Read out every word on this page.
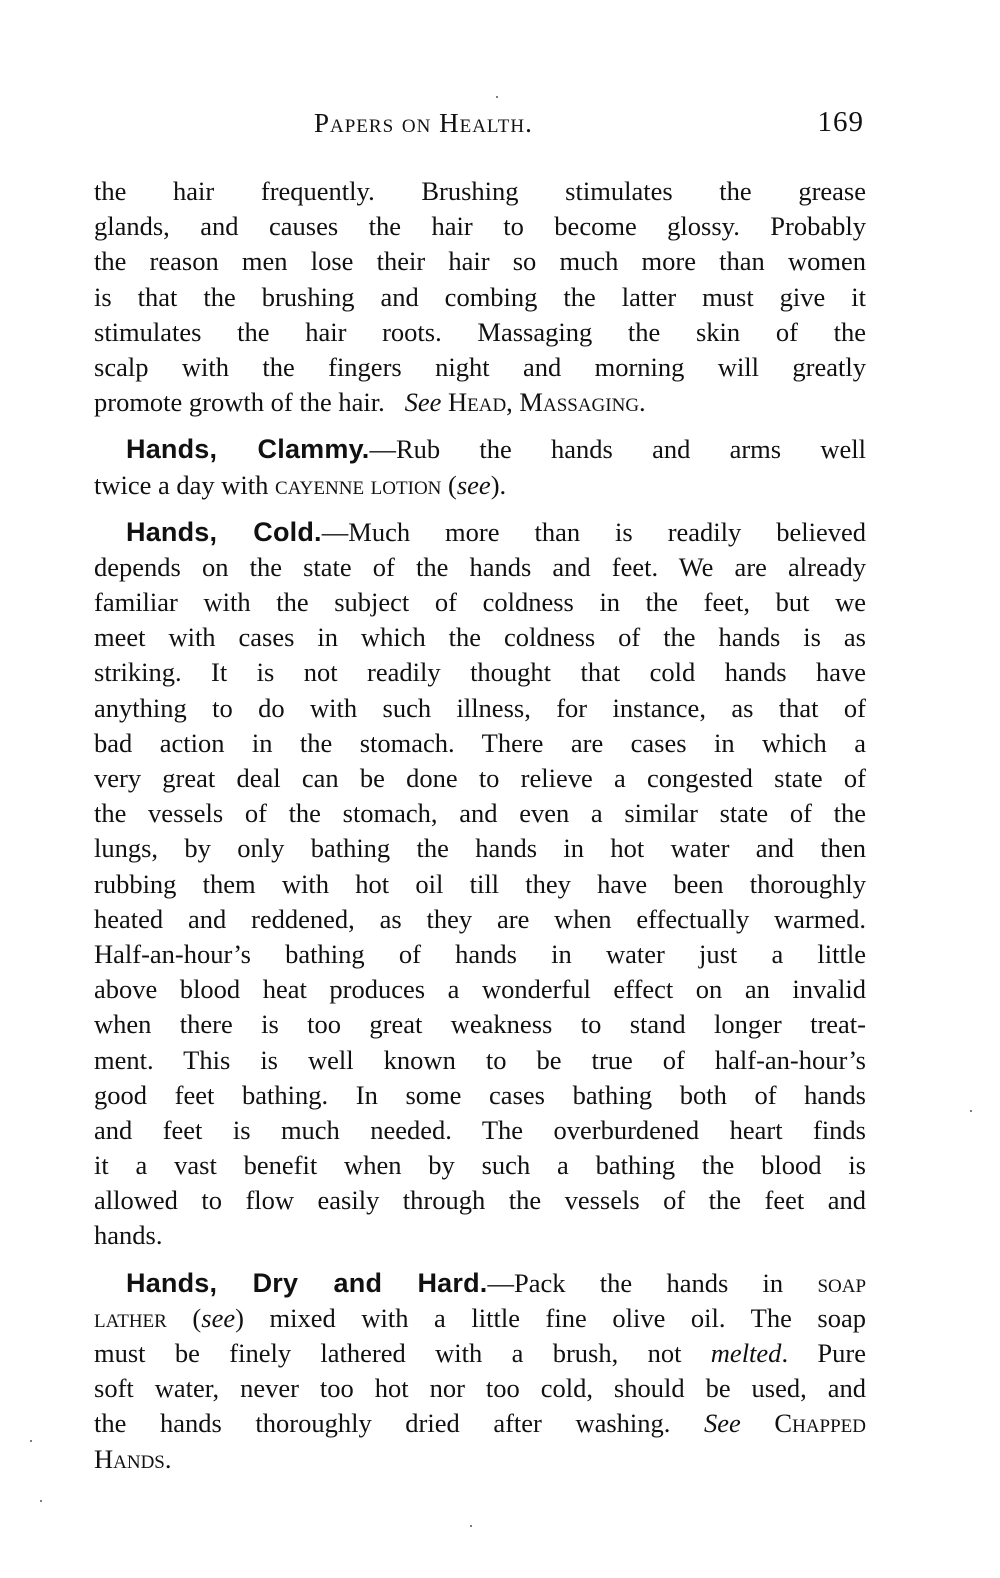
Papers on Health.	169

the hair frequently. Brushing stimulates the grease
glands, and causes the hair to become glossy. Probably
the reason men lose their hair so much more than women
is that the brushing and combing the latter must give it
stimulates the hair roots. Massaging the skin of the
scalp with the fingers night and morning will greatly
promote growth of the hair.   See Head, Massaging.

Hands, Clammy.—Rub the hands and arms well
twice a day with cayenne lotion (see).

Hands, Cold.—Much more than is readily believed
depends on the state of the hands and feet. We are already
familiar with the subject of coldness in the feet, but we
meet with cases in which the coldness of the hands is as
striking. It is not readily thought that cold hands have
anything to do with such illness, for instance, as that of
bad action in the stomach. There are cases in which a
very great deal can be done to relieve a congested state of
the vessels of the stomach, and even a similar state of the
lungs, by only bathing the hands in hot water and then
rubbing them with hot oil till they have been thoroughly
heated and reddened, as they are when effectually warmed.
Half-an-hour’s bathing of hands in water just a little
above blood heat produces a wonderful effect on an invalid
when there is too great weakness to stand longer treat-
ment. This is well known to be true of half-an-hour’s
good feet bathing. In some cases bathing both of hands
and feet is much needed. The overburdened heart finds
it a vast benefit when by such a bathing the blood is
allowed to flow easily through the vessels of the feet and
hands.

Hands, Dry and Hard.—Pack the hands in soap
lather (see) mixed with a little fine olive oil. The soap
must be finely lathered with a brush, not melted. Pure
soft water, never too hot nor too cold, should be used, and
the hands thoroughly dried after washing. See Chapped
Hands.
